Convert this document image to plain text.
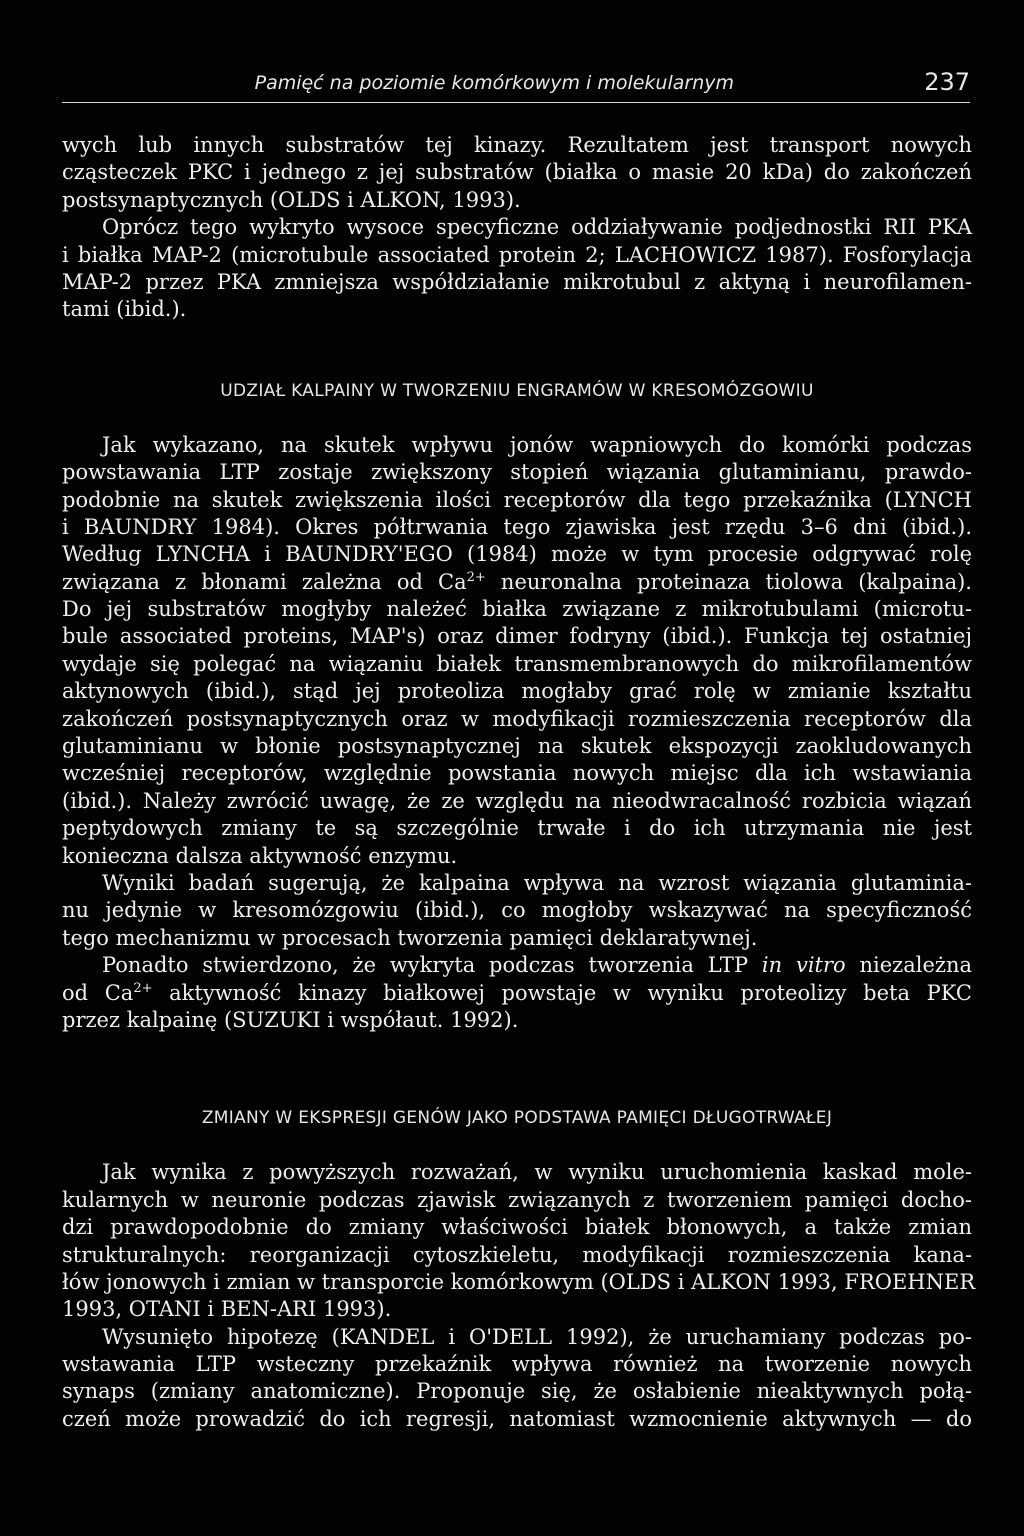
Pamięć na poziomie komórkowym i molekularnym	237
wych lub innych substratów tej kinazy. Rezultatem jest transport nowych
cząsteczek PKC i jednego z jej substratów (białka o masie 20 kDa) do zakończeń
postsynaptycznych (OLDS i ALKON, 1993).
Oprócz tego wykryto wysoce specyficzne oddziaływanie podjednostki RII PKA
i białka MAP-2 (microtubule associated protein 2; LACHOWICZ 1987). Fosforylacja
MAP-2 przez PKA zmniejsza współdziałanie mikrotubul z aktyną i neurofilamen-
tami (ibid.).
UDZIAŁ KALPAINY W TWORZENIU ENGRAMÓW W KRESOMÓZGOWIU
Jak wykazano, na skutek wpływu jonów wapniowych do komórki podczas
powstawania LTP zostaje zwiększony stopień wiązania glutaminianu, prawdo-
podobnie na skutek zwiększenia ilości receptorów dla tego przekaźnika (LYNCH
i BAUNDRY 1984). Okres półtrwania tego zjawiska jest rzędu 3–6 dni (ibid.).
Według LYNCHA i BAUNDRY'EGO (1984) może w tym procesie odgrywać rolę
związana z błonami zależna od $Ca^{2+}$ neuronalna proteinaza tiolowa (kalpaina).
Do jej substratów mogłyby należeć białka związane z mikrotubulami (microtu-
bule associated proteins, MAP's) oraz dimer fodryny (ibid.). Funkcja tej ostatniej
wydaje się polegać na wiązaniu białek transmembranowych do mikrofilamentów
aktynowych (ibid.), stąd jej proteoliza mogłaby grać rolę w zmianie kształtu
zakończeń postsynaptycznych oraz w modyfikacji rozmieszczenia receptorów dla
glutaminianu w błonie postsynaptycznej na skutek ekspozycji zaokludowanych
wcześniej receptorów, względnie powstania nowych miejsc dla ich wstawiania
(ibid.). Należy zwrócić uwagę, że ze względu na nieodwracalność rozbicia wiązań
peptydowych zmiany te są szczególnie trwałe i do ich utrzymania nie jest
konieczna dalsza aktywność enzymu.
Wyniki badań sugerują, że kalpaina wpływa na wzrost wiązania glutaminia-
nu jedynie w kresomózgowiu (ibid.), co mogłoby wskazywać na specyficzność
tego mechanizmu w procesach tworzenia pamięci deklaratywnej.
Ponadto stwierdzono, że wykryta podczas tworzenia LTP in vitro niezależna
od $Ca^{2+}$ aktywność kinazy białkowej powstaje w wyniku proteolizy beta PKC
przez kalpainę (SUZUKI i współaut. 1992).
ZMIANY W EKSPRESJI GENÓW JAKO PODSTAWA PAMIĘCI DŁUGOTRWAŁEJ
Jak wynika z powyższych rozważań, w wyniku uruchomienia kaskad mole-
kularnych w neuronie podczas zjawisk związanych z tworzeniem pamięci docho-
dzi prawdopodobnie do zmiany właściwości białek błonowych, a także zmian
strukturalnych: reorganizacji cytoszkieletu, modyfikacji rozmieszczenia kana-
łów jonowych i zmian w transporcie komórkowym (OLDS i ALKON 1993, FROEHNER
1993, OTANI i BEN-ARI 1993).
Wysunięto hipotezę (KANDEL i O'DELL 1992), że uruchamiany podczas po-
wstawania LTP wsteczny przekaźnik wpływa również na tworzenie nowych
synaps (zmiany anatomiczne). Proponuje się, że osłabienie nieaktywnych połą-
czeń może prowadzić do ich regresji, natomiast wzmocnienie aktywnych — do
